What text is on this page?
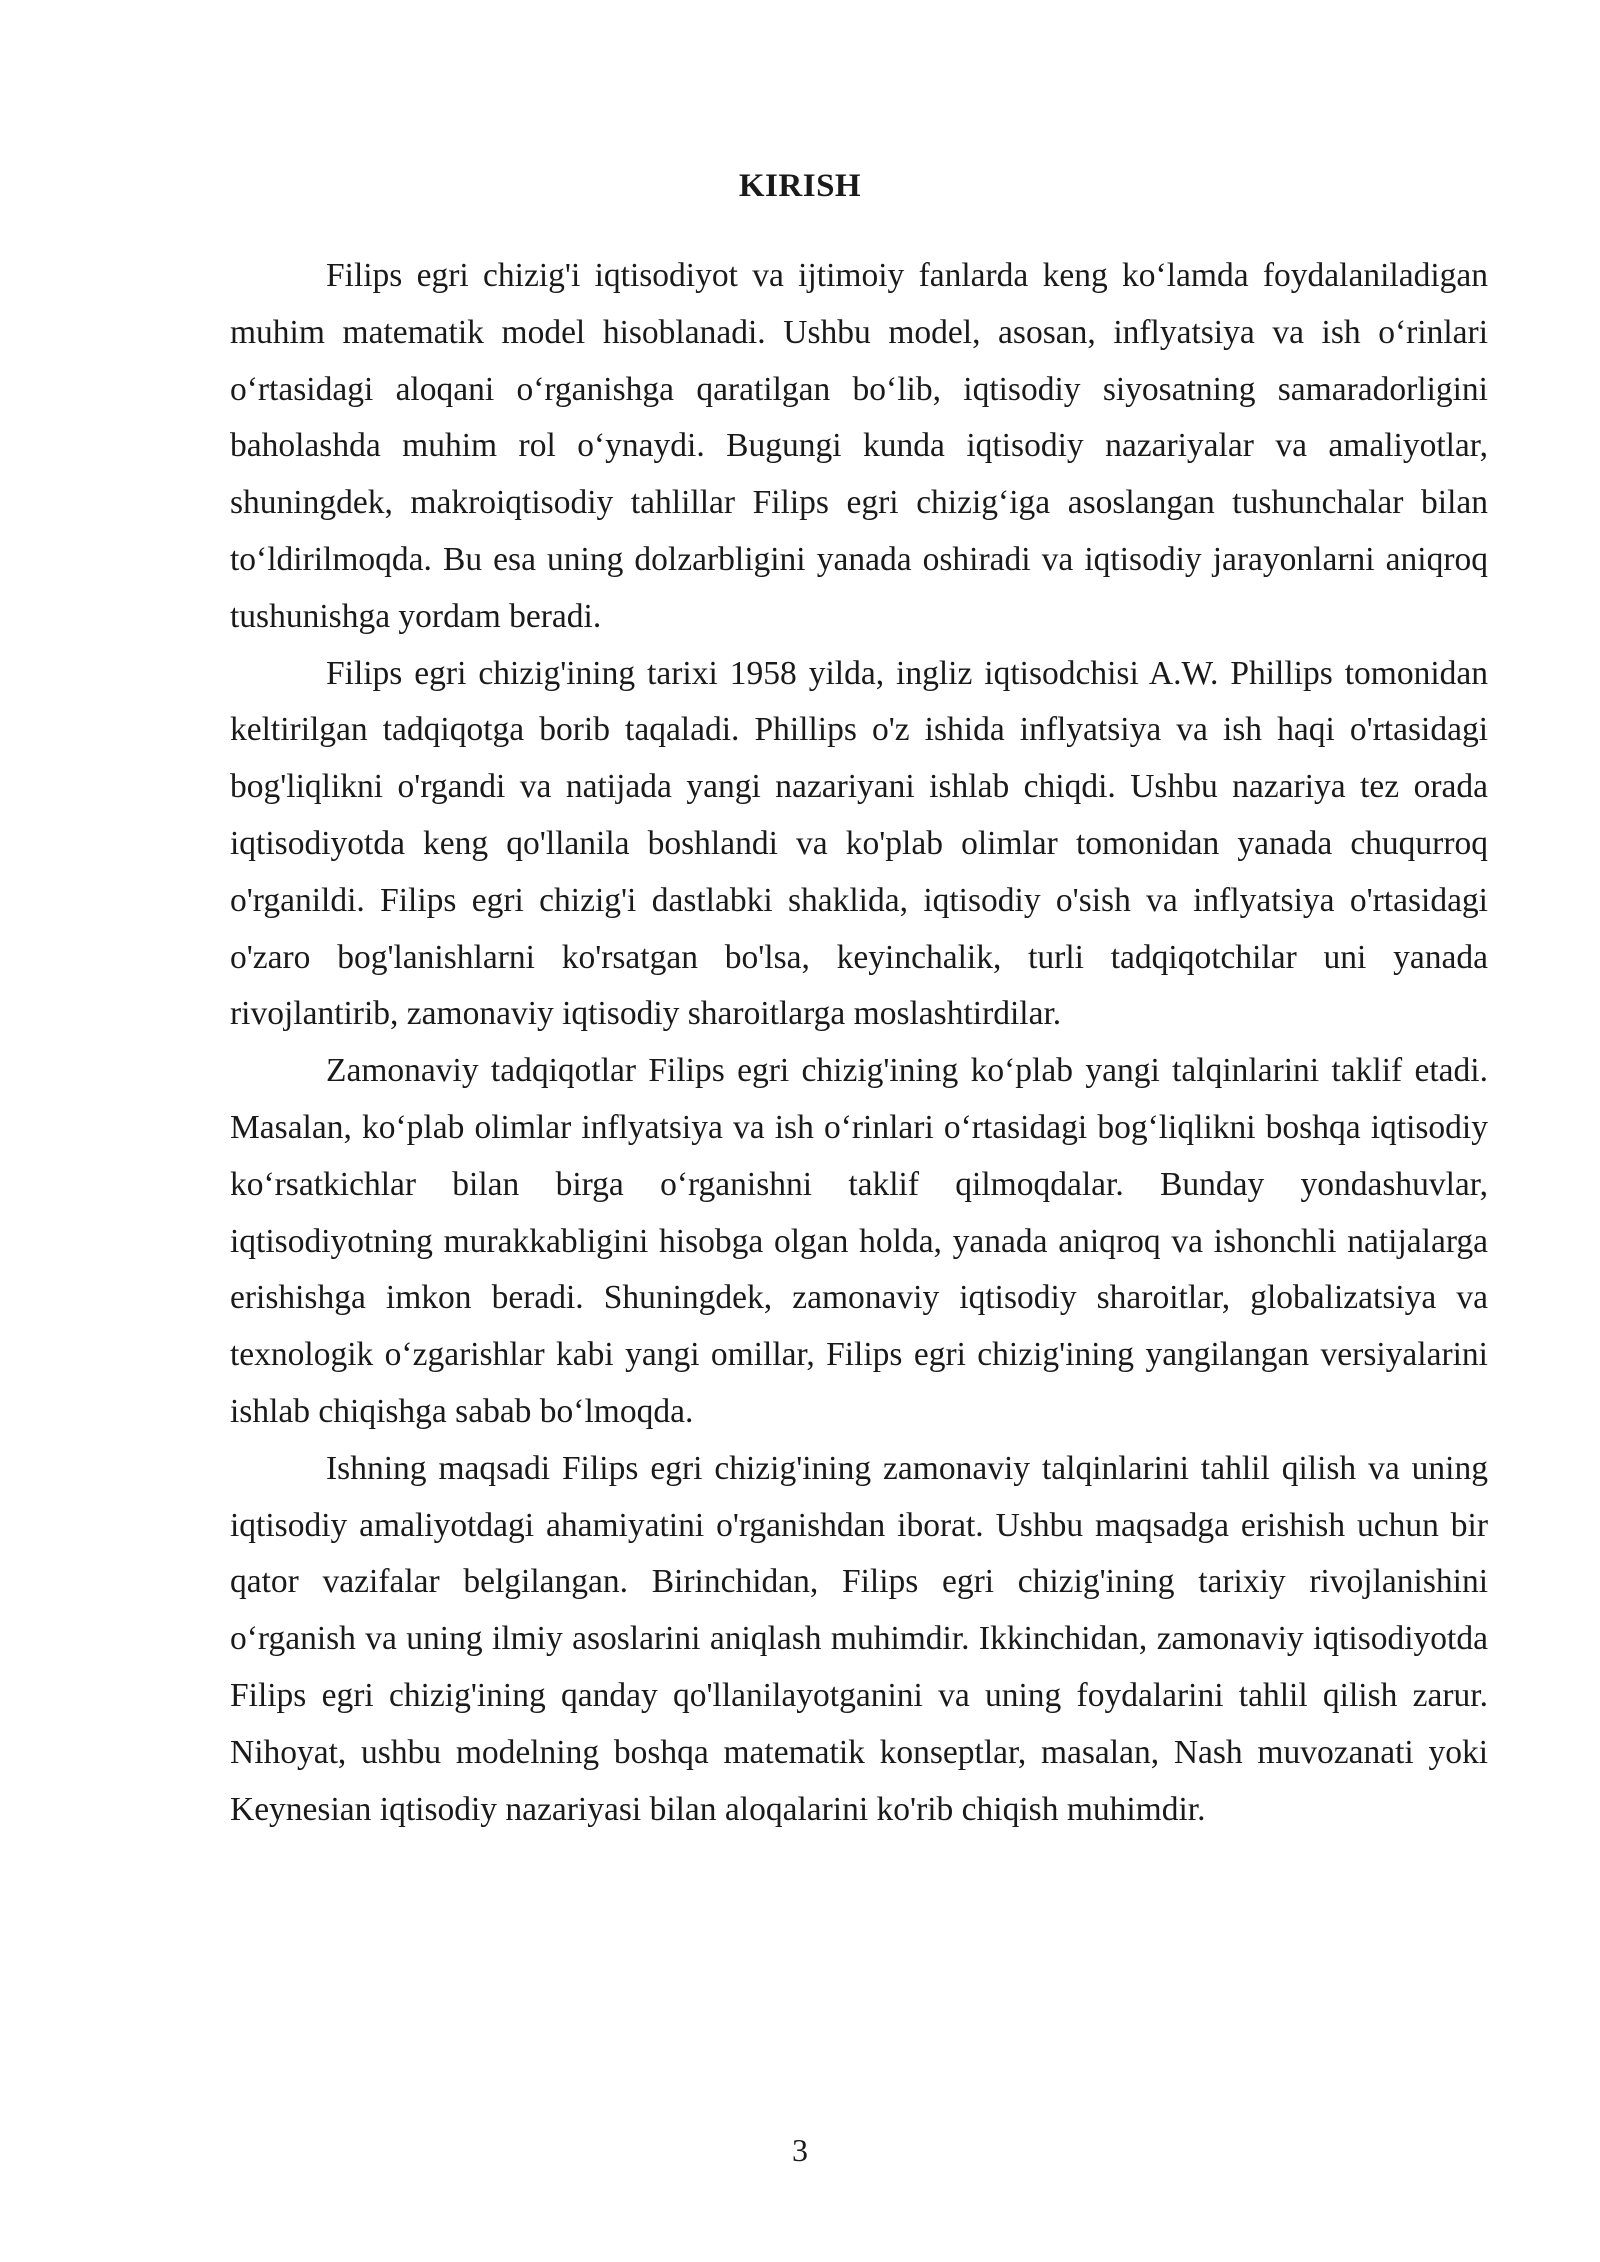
KIRISH

Filips egri chizig'i iqtisodiyot va ijtimoiy fanlarda keng ko‘lamda foydalaniladigan muhim matematik model hisoblanadi. Ushbu model, asosan, inflyatsiya va ish o‘rinlari o‘rtasidagi aloqani o‘rganishga qaratilgan bo‘lib, iqtisodiy siyosatning samaradorligini baholashda muhim rol o‘ynaydi. Bugungi kunda iqtisodiy nazariyalar va amaliyotlar, shuningdek, makroiqtisodiy tahlillar Filips egri chizig‘iga asoslangan tushunchalar bilan to‘ldirilmoqda. Bu esa uning dolzarbligini yanada oshiradi va iqtisodiy jarayonlarni aniqroq tushunishga yordam beradi.

Filips egri chizig'ining tarixi 1958 yilda, ingliz iqtisodchisi A.W. Phillips tomonidan keltirilgan tadqiqotga borib taqaladi. Phillips o'z ishida inflyatsiya va ish haqi o'rtasidagi bog'liqlikni o'rgandi va natijada yangi nazariyani ishlab chiqdi. Ushbu nazariya tez orada iqtisodiyotda keng qo'llanila boshlandi va ko'plab olimlar tomonidan yanada chuqurroq o'rganildi. Filips egri chizig'i dastlabki shaklida, iqtisodiy o'sish va inflyatsiya o'rtasidagi o'zaro bog'lanishlarni ko'rsatgan bo'lsa, keyinchalik, turli tadqiqotchilar uni yanada rivojlantirib, zamonaviy iqtisodiy sharoitlarga moslashtirdilar.

Zamonaviy tadqiqotlar Filips egri chizig'ining ko‘plab yangi talqinlarini taklif etadi. Masalan, ko‘plab olimlar inflyatsiya va ish o‘rinlari o‘rtasidagi bog‘liqlikni boshqa iqtisodiy ko‘rsatkichlar bilan birga o‘rganishni taklif qilmoqdalar. Bunday yondashuvlar, iqtisodiyotning murakkabligini hisobga olgan holda, yanada aniqroq va ishonchli natijalarga erishishga imkon beradi. Shuningdek, zamonaviy iqtisodiy sharoitlar, globalizatsiya va texnologik o‘zgarishlar kabi yangi omillar, Filips egri chizig'ining yangilangan versiyalarini ishlab chiqishga sabab bo‘lmoqda.

Ishning maqsadi Filips egri chizig'ining zamonaviy talqinlarini tahlil qilish va uning iqtisodiy amaliyotdagi ahamiyatini o'rganishdan iborat. Ushbu maqsadga erishish uchun bir qator vazifalar belgilangan. Birinchidan, Filips egri chizig'ining tarixiy rivojlanishini o‘rganish va uning ilmiy asoslarini aniqlash muhimdir. Ikkinchidan, zamonaviy iqtisodiyotda Filips egri chizig'ining qanday qo'llanilayotganini va uning foydalarini tahlil qilish zarur. Nihoyat, ushbu modelning boshqa matematik konseptlar, masalan, Nash muvozanati yoki Keynesian iqtisodiy nazariyasi bilan aloqalarini ko'rib chiqish muhimdir.

3
